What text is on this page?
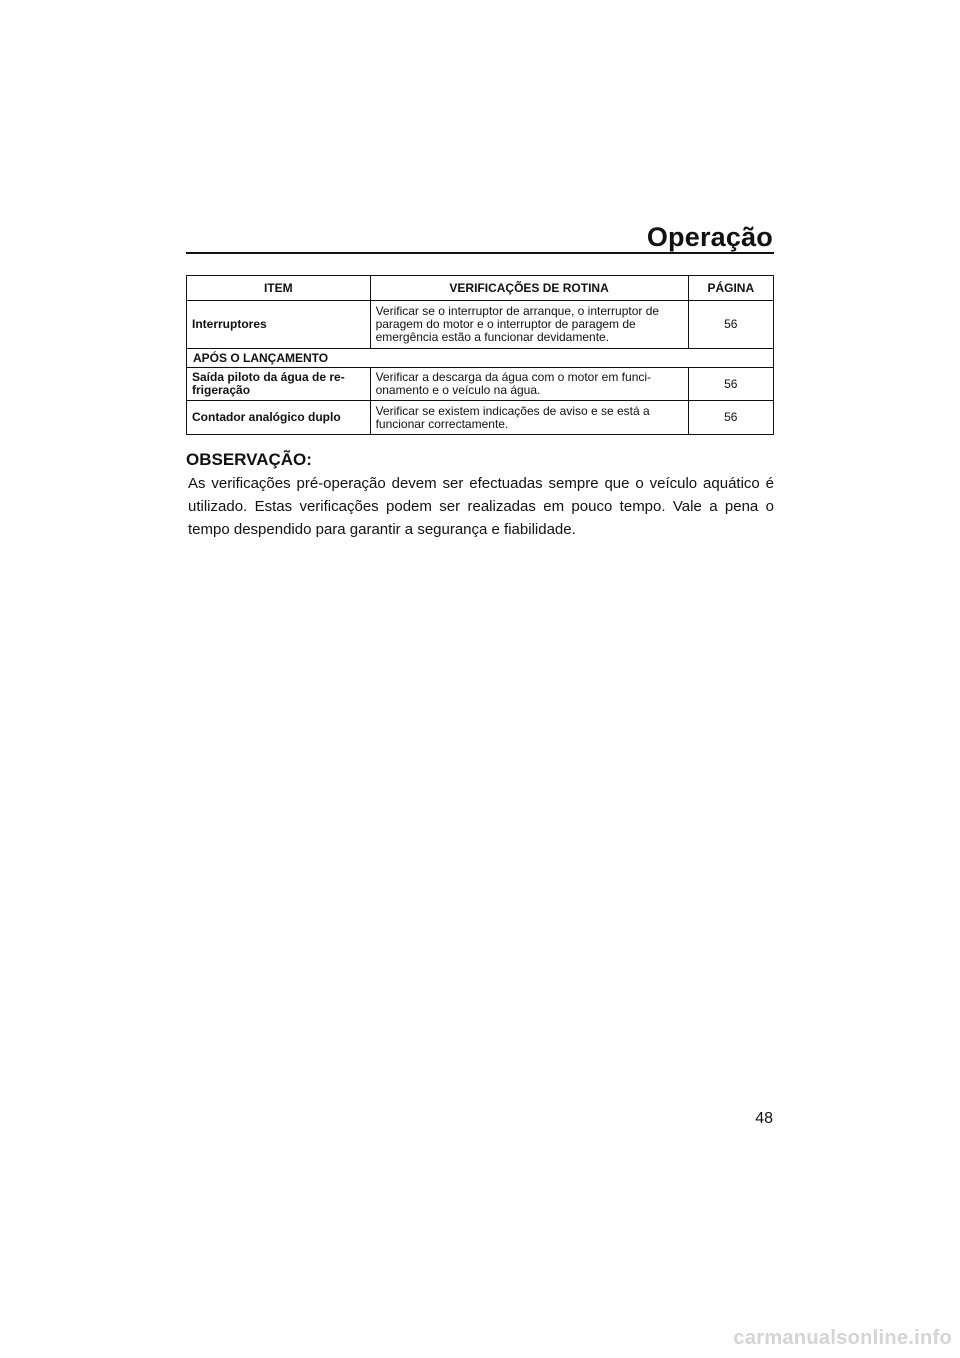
Operação
ITEM	VERIFICAÇÕES DE ROTINA	PÁGINA
Interruptores	Verificar se o interruptor de arranque, o interruptor de paragem do motor e o interruptor de paragem de emergência estão a funcionar devidamente.	56
APÓS O LANÇAMENTO		
Saída piloto da água de re-frigeração	Verificar a descarga da água com o motor em funci-onamento e o veículo na água.	56
Contador analógico duplo	Verificar se existem indicações de aviso e se está a funcionar correctamente.	56
OBSERVAÇÃO:
As verificações pré-operação devem ser efectuadas sempre que o veículo aquático é utilizado. Estas verificações podem ser realizadas em pouco tempo. Vale a pena o tempo despendido para garantir a segurança e fiabilidade.
48
carmanualsonline.info
